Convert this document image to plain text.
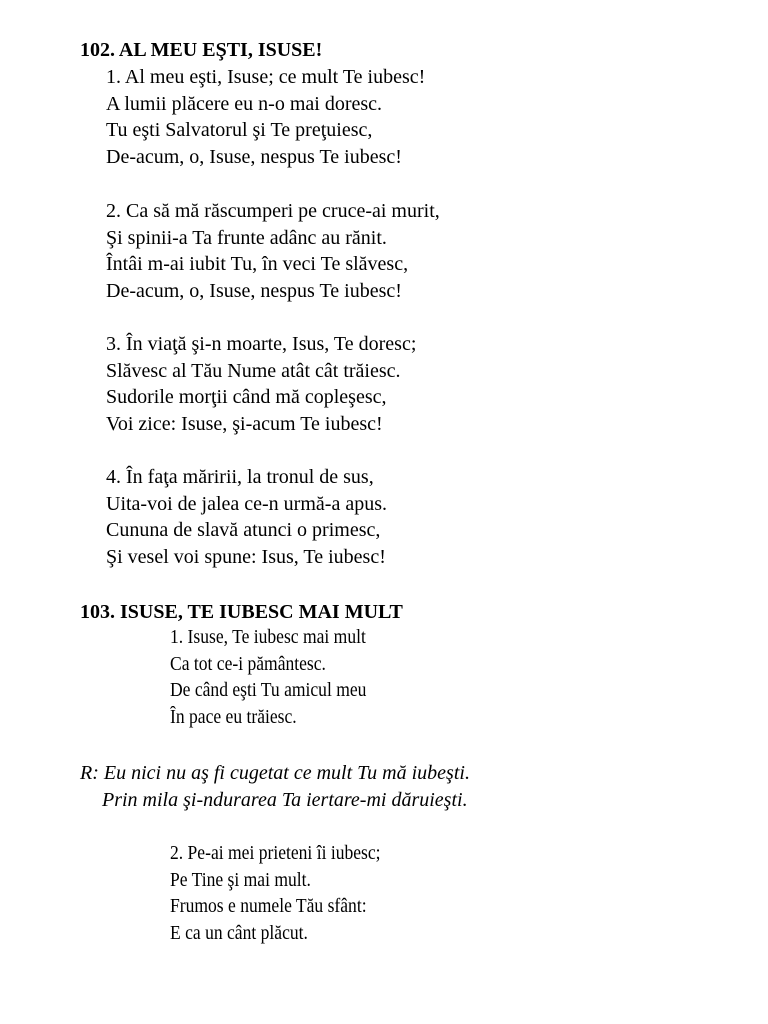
102. AL MEU EŞTI, ISUSE!
1. Al meu eşti, Isuse; ce mult Te iubesc!
A lumii plăcere eu n-o mai doresc.
Tu eşti Salvatorul şi Te preţuiesc,
De-acum, o, Isuse, nespus Te iubesc!
2. Ca să mă răscumperi pe cruce-ai murit,
Şi spinii-a Ta frunte adânc au rănit.
Întâi m-ai iubit Tu, în veci Te slăvesc,
De-acum, o, Isuse, nespus Te iubesc!
3. În viaţă şi-n moarte, Isus, Te doresc;
Slăvesc al Tău Nume atât cât trăiesc.
Sudorile morţii când mă copleşesc,
Voi zice: Isuse, şi-acum Te iubesc!
4. În faţa măririi, la tronul de sus,
Uita-voi de jalea ce-n urmă-a apus.
Cununa de slavă atunci o primesc,
Şi vesel voi spune: Isus, Te iubesc!
103. ISUSE, TE IUBESC MAI MULT
1. Isuse, Te iubesc mai mult
Ca tot ce-i pământesc.
De când eşti Tu amicul meu
În pace eu trăiesc.
R: Eu nici nu aş fi cugetat ce mult Tu mă iubeşti.
Prin mila şi-ndurarea Ta iertare-mi dăruieşti.
2. Pe-ai mei prieteni îi iubesc;
Pe Tine şi mai mult.
Frumos e numele Tău sfânt:
E ca un cânt plăcut.
